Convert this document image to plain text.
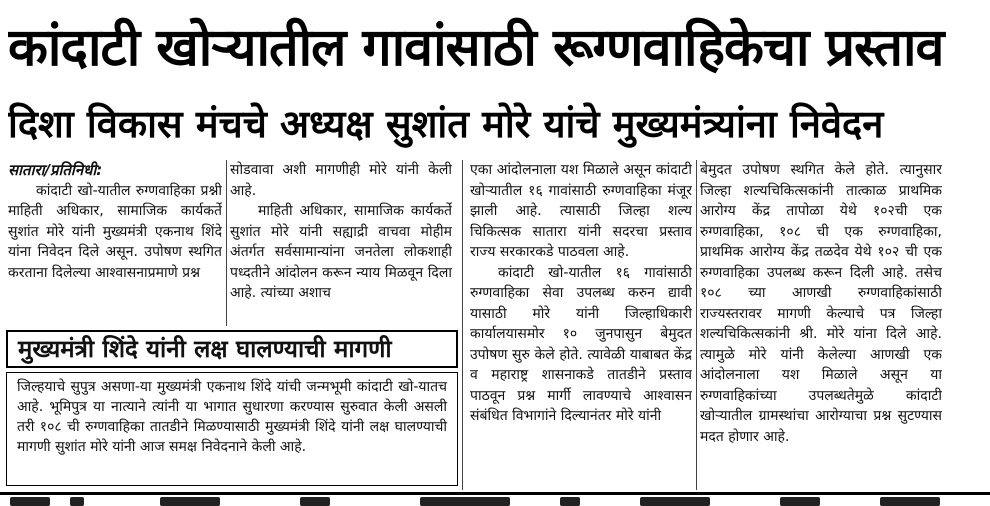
कांदाटी खोऱ्यातील गावांसाठी रूग्णवाहिकेचा प्रस्ताव
दिशा विकास मंचचे अध्यक्ष सुशांत मोरे यांचे मुख्यमंत्र्यांना निवेदन
सातारा/प्रतिनिधी:

कांदाटी खो-यातील रुग्णवाहिका प्रश्नी माहिती अधिकार, सामाजिक कार्यकर्ते सुशांत मोरे यांनी मुख्यमंत्री एकनाथ शिंदे यांना निवेदन दिले असून. उपोषण स्थगित करताना दिलेल्या आश्वासनाप्रमाणे प्रश्न

सोडवावा अशी मागणीही मोरे यांनी केली आहे.

माहिती अधिकार, सामाजिक कार्यकर्ते सुशांत मोरे यांनी सह्याद्री वाचवा मोहीम अंतर्गत सर्वसामान्यांना जनतेला लोकशाही पध्दतीने आंदोलन करून न्याय मिळवून दिला आहे. त्यांच्या अशाच

एका आंदोलनाला यश मिळाले असून कांदाटी खोऱ्यातील १६ गावांसाठी रुग्णवाहिका मंजूर झाली आहे. त्यासाठी जिल्हा शल्य चिकित्सक सातारा यांनी सदरचा प्रस्ताव राज्य सरकारकडे पाठवला आहे.

कांदाटी खो-यातील १६ गावांसाठी रुग्णवाहिका सेवा उपलब्ध करुन द्यावी यासाठी मोरे यांनी जिल्हाधिकारी कार्यालयासमोर १० जुनपासुन बेमुदत उपोषण सुरु केले होते. त्यावेळी याबाबत केंद्र व महाराष्ट्र शासनाकडे तातडीने प्रस्ताव पाठवून प्रश्न मार्गी लावण्याचे आश्वासन संबंधित विभागांने दिल्यानंतर मोरे यांनी

बेमुदत उपोषण स्थगित केले होते. त्यानुसार जिल्हा शल्यचिकित्सकांनी तात्काळ प्राथमिक आरोग्य केंद्र तापोळा येथे १०२ची एक रुग्णवाहिका, १०८ ची एक रुग्णवाहिका, प्राथमिक आरोग्य केंद्र तळदेव येथे १०२ ची एक रुग्णवाहिका उपलब्ध करून दिली आहे. तसेच १०८ च्या आणखी रुग्णवाहिकांसाठी राज्यस्तरावर मागणी केल्याचे पत्र जिल्हा शल्यचिकित्सकांनी श्री. मोरे यांना दिले आहे. त्यामुळे मोरे यांनी केलेल्या आणखी एक आंदोलनाला यश मिळाले असून या रुग्णवाहिकांच्या उपलब्धतेमुळे कांदाटी खोऱ्यातील ग्रामस्थांचा आरोग्याचा प्रश्न सुटण्यास मदत होणार आहे.

मुख्यमंत्री शिंदे यांनी लक्ष घालण्याची मागणी
जिल्हयाचे सुपुत्र असणा-या मुख्यमंत्री एकनाथ शिंदे यांची जन्मभूमी कांदाटी खो-यातच आहे. भूमिपुत्र या नात्याने त्यांनी या भागात सुधारणा करण्यास सुरुवात केली असली तरी १०८ ची रुग्णवाहिका तातडीने मिळण्यासाठी मुख्यमंत्री शिंदे यांनी लक्ष घालण्याची मागणी सुशांत मोरे यांनी आज समक्ष निवेदनाने केली आहे.
